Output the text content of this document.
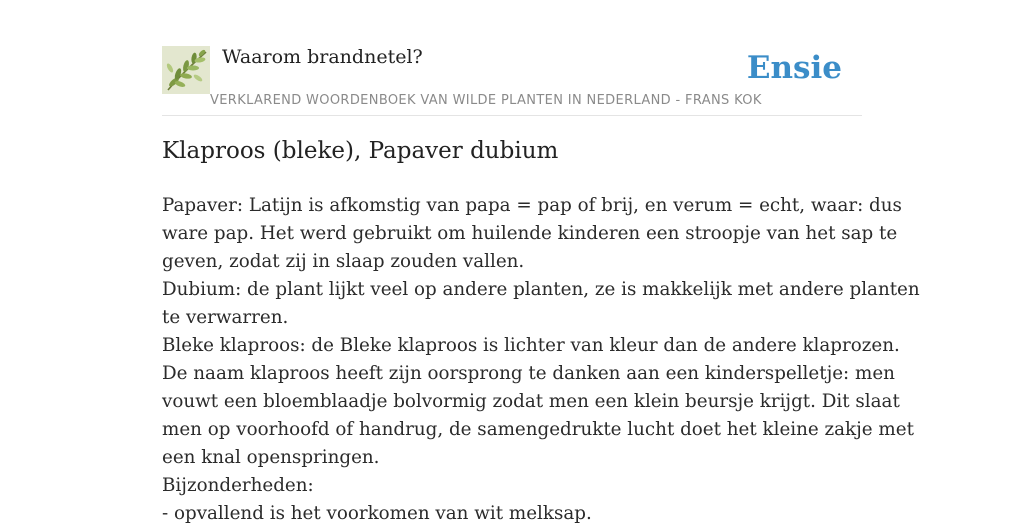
Waarom brandnetel?
VERKLAREND WOORDENBOEK VAN WILDE PLANTEN IN NEDERLAND - FRANS KOK
Ensie
Klaproos (bleke), Papaver dubium

Papaver: Latijn is afkomstig van papa = pap of brij, en verum = echt, waar: dus

ware pap. Het werd gebruikt om huilende kinderen een stroopje van het sap te

geven, zodat zij in slaap zouden vallen.

Dubium: de plant lijkt veel op andere planten, ze is makkelijk met andere planten

te verwarren.

Bleke klaproos: de Bleke klaproos is lichter van kleur dan de andere klaprozen.

De naam klaproos heeft zijn oorsprong te danken aan een kinderspelletje: men

vouwt een bloemblaadje bolvormig zodat men een klein beursje krijgt. Dit slaat

men op voorhoofd of handrug, de samengedrukte lucht doet het kleine zakje met

een knal openspringen.

Bijzonderheden:

- opvallend is het voorkomen van wit melksap.
